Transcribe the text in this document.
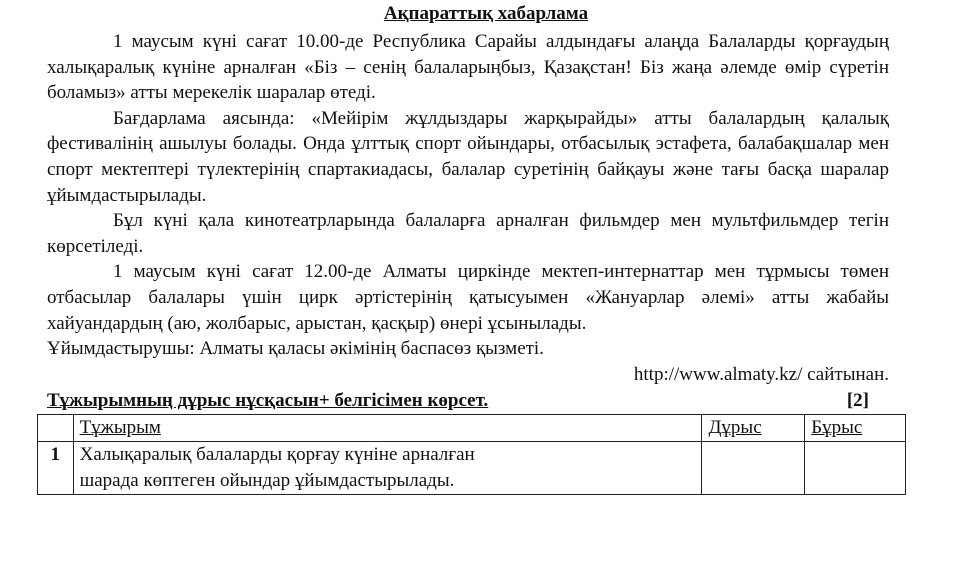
Ақпараттық хабарлама

1 маусым күні сағат 10.00-де Республика Сарайы алдындағы алаңда Балаларды қорғаудың халықаралық күніне арналған «Біз – сенің балаларыңбыз, Қазақстан! Біз жаңа әлемде өмір сүретін боламыз» атты мерекелік шаралар өтеді.

Бағдарлама аясында: «Мейірім жұлдыздары жарқырайды» атты балалардың қалалық фестивалінің ашылуы болады. Онда ұлттық спорт ойындары, отбасылық эстафета, балабақшалар мен спорт мектептері түлектерінің спартакиадасы, балалар суретінің байқауы және тағы басқа шаралар ұйымдастырылады.

Бұл күні қала кинотеатрларында балаларға арналған фильмдер мен мультфильмдер тегін көрсетіледі.

1 маусым күні сағат 12.00-де Алматы циркінде мектеп-интернаттар мен тұрмысы төмен отбасылар балалары үшін цирк әртістерінің қатысуымен «Жануарлар әлемі» атты жабайы хайуандардың (аю, жолбарыс, арыстан, қасқыр) өнері ұсынылады.

Ұйымдастырушы: Алматы қаласы әкімінің баспасөз қызметі.

http://www.almaty.kz/ сайтынан.

Тұжырымның дұрыс нұсқасын+ белгісімен көрсет.	[2]
	Тұжырым	Дұрыс	Бұрыс
1	Халықаралық балаларды қорғау күніне арналған
шарада көптеген ойындар ұйымдастырылады.		
